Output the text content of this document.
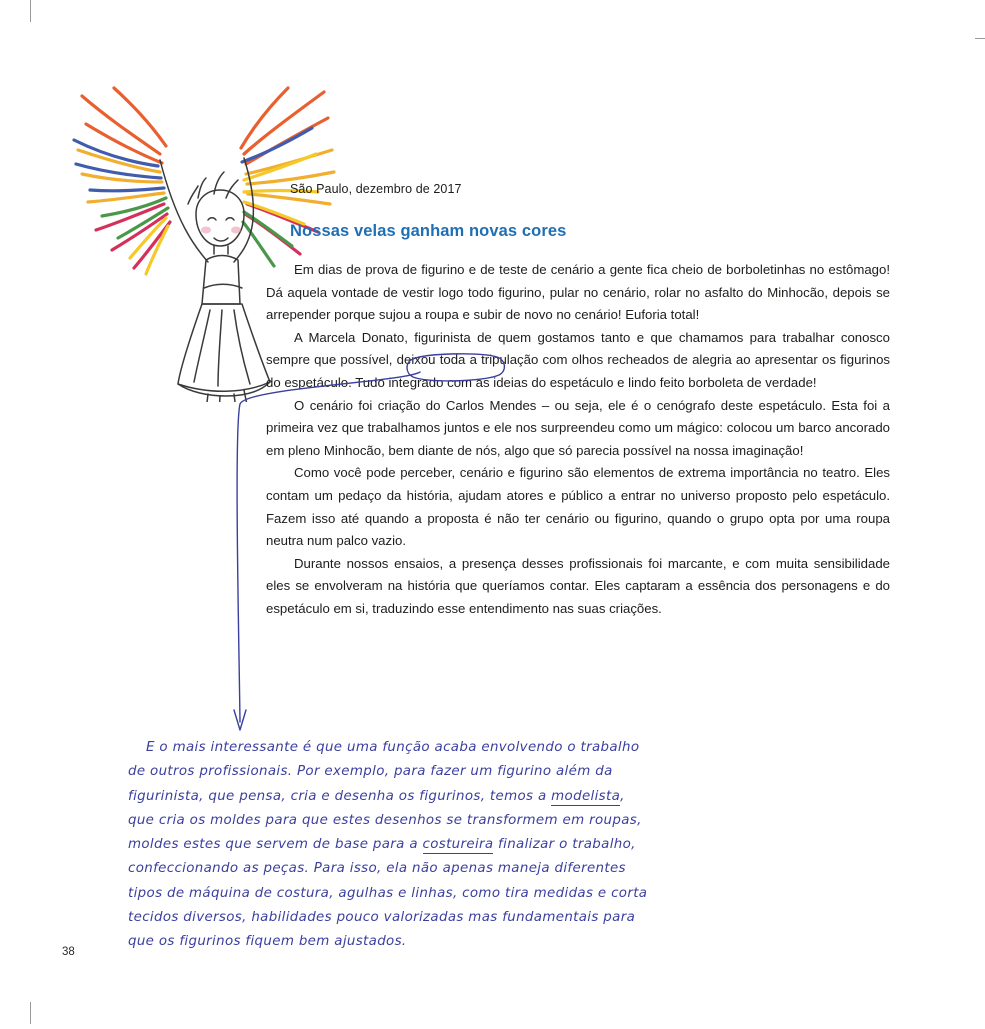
São Paulo, dezembro de 2017

Nossas velas ganham novas cores

Em dias de prova de figurino e de teste de cenário a gente fica cheio de borboletinhas no estômago! Dá aquela vontade de vestir logo todo figurino, pular no cenário, rolar no asfalto do Minhocão, depois se arrepender porque sujou a roupa e subir de novo no cenário! Euforia total!

A Marcela Donato, figurinista de quem gostamos tanto e que chamamos para trabalhar conosco sempre que possível, deixou toda a tripulação com olhos recheados de alegria ao apresentar os figurinos do espetáculo. Tudo integrado com as ideias do espetáculo e lindo feito borboleta de verdade!

O cenário foi criação do Carlos Mendes – ou seja, ele é o cenógrafo deste espetáculo. Esta foi a primeira vez que trabalhamos juntos e ele nos surpreendeu como um mágico: colocou um barco ancorado em pleno Minhocão, bem diante de nós, algo que só parecia possível na nossa imaginação!

Como você pode perceber, cenário e figurino são elementos de extrema importância no teatro. Eles contam um pedaço da história, ajudam atores e público a entrar no universo proposto pelo espetáculo. Fazem isso até quando a proposta é não ter cenário ou figurino, quando o grupo opta por uma roupa neutra num palco vazio.

Durante nossos ensaios, a presença desses profissionais foi marcante, e com muita sensibilidade eles se envolveram na história que queríamos contar. Eles captaram a essência dos personagens e do espetáculo em si, traduzindo esse entendimento nas suas criações.

E o mais interessante é que uma função acaba envolvendo o trabalho
de outros profissionais. Por exemplo, para fazer um figurino além da
figurinista, que pensa, cria e desenha os figurinos, temos a modelista,
que cria os moldes para que estes desenhos se transformem em roupas,
moldes estes que servem de base para a costureira finalizar o trabalho,
confeccionando as peças. Para isso, ela não apenas maneja diferentes
tipos de máquina de costura, agulhas e linhas, como tira medidas e corta
tecidos diversos, habilidades pouco valorizadas mas fundamentais para
que os figurinos fiquem bem ajustados.
38
